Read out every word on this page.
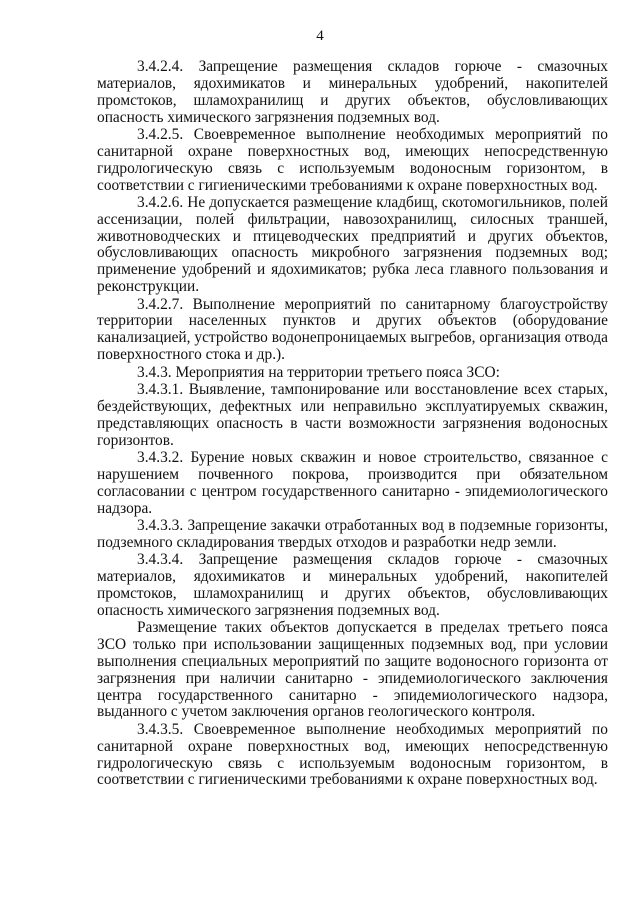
4

3.4.2.4. Запрещение размещения складов горюче - смазочных материалов, ядохимикатов и минеральных удобрений, накопителей промстоков, шламохранилищ и других объектов, обусловливающих опасность химического загрязнения подземных вод.

3.4.2.5. Своевременное выполнение необходимых мероприятий по санитарной охране поверхностных вод, имеющих непосредственную гидрологическую связь с используемым водоносным горизонтом, в соответствии с гигиеническими требованиями к охране поверхностных вод.

3.4.2.6. Не допускается размещение кладбищ, скотомогильников, полей ассенизации, полей фильтрации, навозохранилищ, силосных траншей, животноводческих и птицеводческих предприятий и других объектов, обусловливающих опасность микробного загрязнения подземных вод; применение удобрений и ядохимикатов; рубка леса главного пользования и реконструкции.

3.4.2.7. Выполнение мероприятий по санитарному благоустройству территории населенных пунктов и других объектов (оборудование канализацией, устройство водонепроницаемых выгребов, организация отвода поверхностного стока и др.).

3.4.3. Мероприятия на территории третьего пояса ЗСО:

3.4.3.1. Выявление, тампонирование или восстановление всех старых, бездействующих, дефектных или неправильно эксплуатируемых скважин, представляющих опасность в части возможности загрязнения водоносных горизонтов.

3.4.3.2. Бурение новых скважин и новое строительство, связанное с нарушением почвенного покрова, производится при обязательном согласовании с центром государственного санитарно - эпидемиологического надзора.

3.4.3.3. Запрещение закачки отработанных вод в подземные горизонты, подземного складирования твердых отходов и разработки недр земли.

3.4.3.4. Запрещение размещения складов горюче - смазочных материалов, ядохимикатов и минеральных удобрений, накопителей промстоков, шламохранилищ и других объектов, обусловливающих опасность химического загрязнения подземных вод.

Размещение таких объектов допускается в пределах третьего пояса ЗСО только при использовании защищенных подземных вод, при условии выполнения специальных мероприятий по защите водоносного горизонта от загрязнения при наличии санитарно - эпидемиологического заключения центра государственного санитарно - эпидемиологического надзора, выданного с учетом заключения органов геологического контроля.

3.4.3.5. Своевременное выполнение необходимых мероприятий по санитарной охране поверхностных вод, имеющих непосредственную гидрологическую связь с используемым водоносным горизонтом, в соответствии с гигиеническими требованиями к охране поверхностных вод.
